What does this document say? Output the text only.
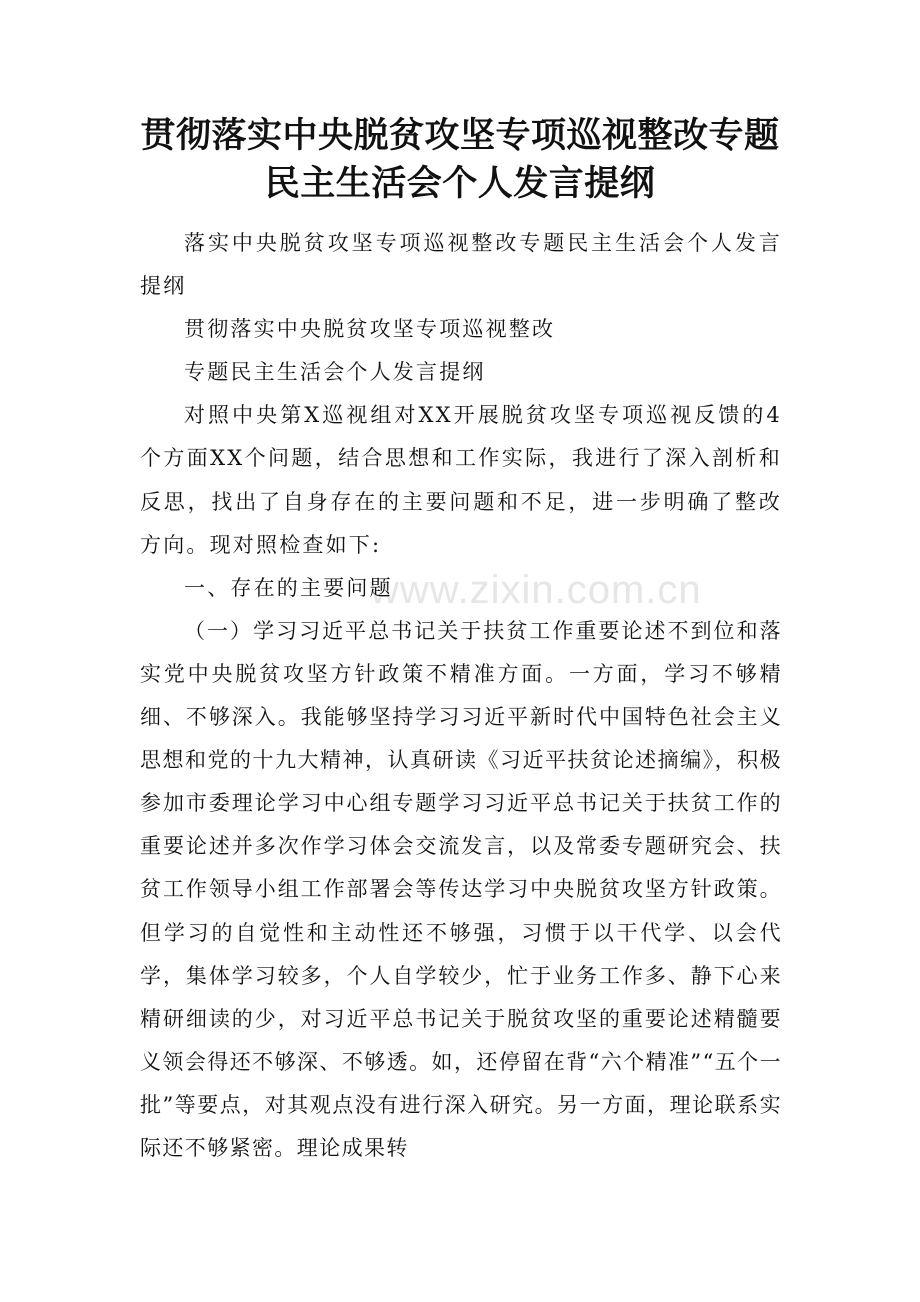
www.zixin.com.cn
贯彻落实中央脱贫攻坚专项巡视整改专题
民主生活会个人发言提纲

落实中央脱贫攻坚专项巡视整改专题民主生活会个人发言提纲

贯彻落实中央脱贫攻坚专项巡视整改

专题民主生活会个人发言提纲

对照中央第X巡视组对XX开展脱贫攻坚专项巡视反馈的4个方面XX个问题，结合思想和工作实际，我进行了深入剖析和反思，找出了自身存在的主要问题和不足，进一步明确了整改方向。现对照检查如下:

一、存在的主要问题

（一）学习习近平总书记关于扶贫工作重要论述不到位和落实党中央脱贫攻坚方针政策不精准方面。一方面，学习不够精细、不够深入。我能够坚持学习习近平新时代中国特色社会主义思想和党的十九大精神，认真研读《习近平扶贫论述摘编》，积极参加市委理论学习中心组专题学习习近平总书记关于扶贫工作的重要论述并多次作学习体会交流发言，以及常委专题研究会、扶贫工作领导小组工作部署会等传达学习中央脱贫攻坚方针政策。但学习的自觉性和主动性还不够强，习惯于以干代学、以会代学，集体学习较多，个人自学较少，忙于业务工作多、静下心来精研细读的少，对习近平总书记关于脱贫攻坚的重要论述精髓要义领会得还不够深、不够透。如，还停留在背“六个精准”“五个一批”等要点，对其观点没有进行深入研究。另一方面，理论联系实际还不够紧密。理论成果转
